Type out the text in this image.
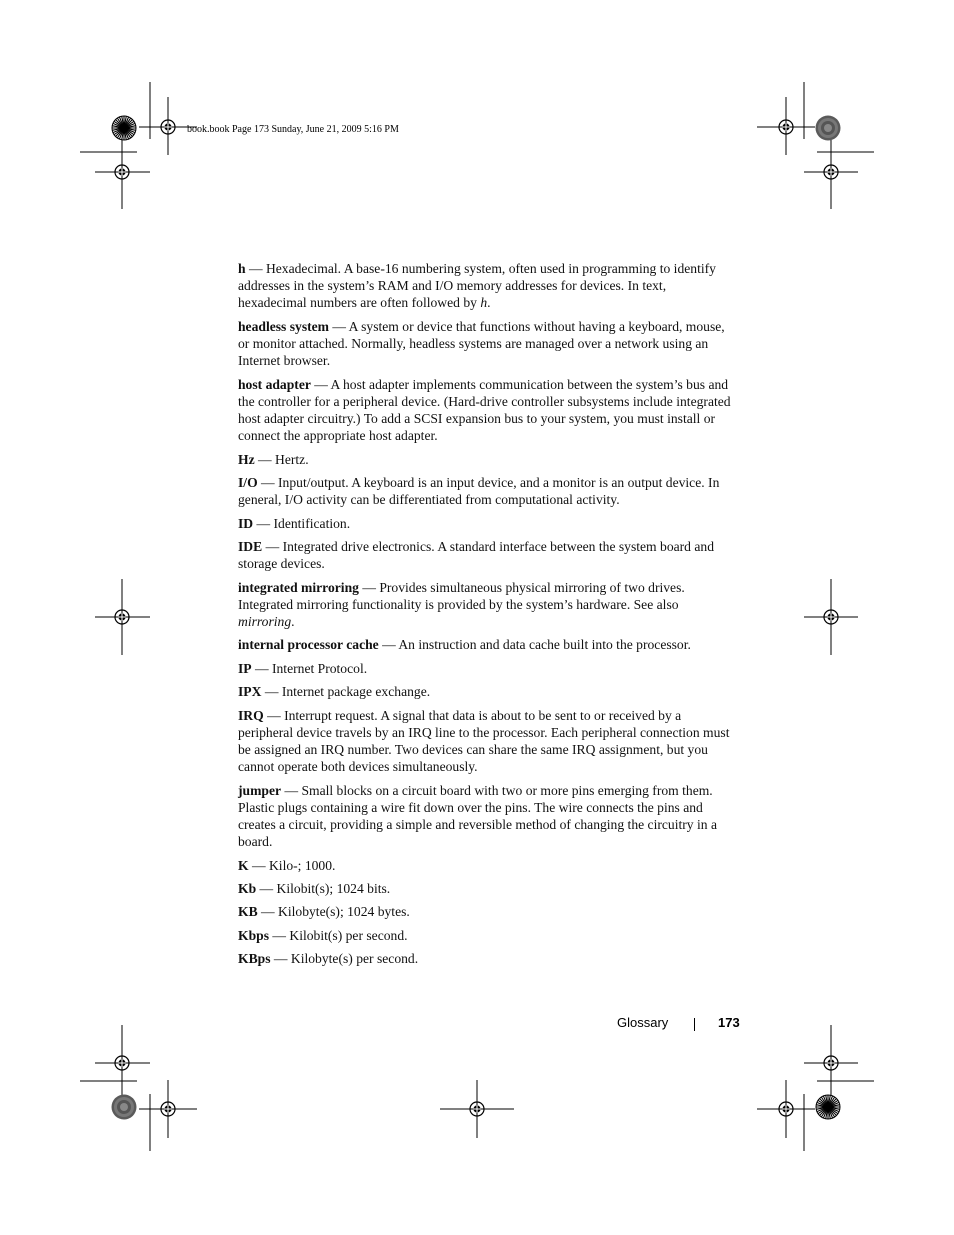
book.book Page 173 Sunday, June 21, 2009 5:16 PM

h — Hexadecimal. A base-16 numbering system, often used in programming to identify addresses in the system’s RAM and I/O memory addresses for devices. In text, hexadecimal numbers are often followed by h.

headless system — A system or device that functions without having a keyboard, mouse, or monitor attached. Normally, headless systems are managed over a network using an Internet browser.

host adapter — A host adapter implements communication between the system’s bus and the controller for a peripheral device. (Hard-drive controller subsystems include integrated host adapter circuitry.) To add a SCSI expansion bus to your system, you must install or connect the appropriate host adapter.

Hz — Hertz.

I/O — Input/output. A keyboard is an input device, and a monitor is an output device. In general, I/O activity can be differentiated from computational activity.

ID — Identification.

IDE — Integrated drive electronics. A standard interface between the system board and storage devices.

integrated mirroring — Provides simultaneous physical mirroring of two drives. Integrated mirroring functionality is provided by the system’s hardware. See also mirroring.

internal processor cache — An instruction and data cache built into the processor.

IP — Internet Protocol.

IPX — Internet package exchange.

IRQ — Interrupt request. A signal that data is about to be sent to or received by a peripheral device travels by an IRQ line to the processor. Each peripheral connection must be assigned an IRQ number. Two devices can share the same IRQ assignment, but you cannot operate both devices simultaneously.

jumper — Small blocks on a circuit board with two or more pins emerging from them. Plastic plugs containing a wire fit down over the pins. The wire connects the pins and creates a circuit, providing a simple and reversible method of changing the circuitry in a board.

K — Kilo-; 1000.

Kb — Kilobit(s); 1024 bits.

KB — Kilobyte(s); 1024 bytes.

Kbps — Kilobit(s) per second.

KBps — Kilobyte(s) per second.

Glossary	173
